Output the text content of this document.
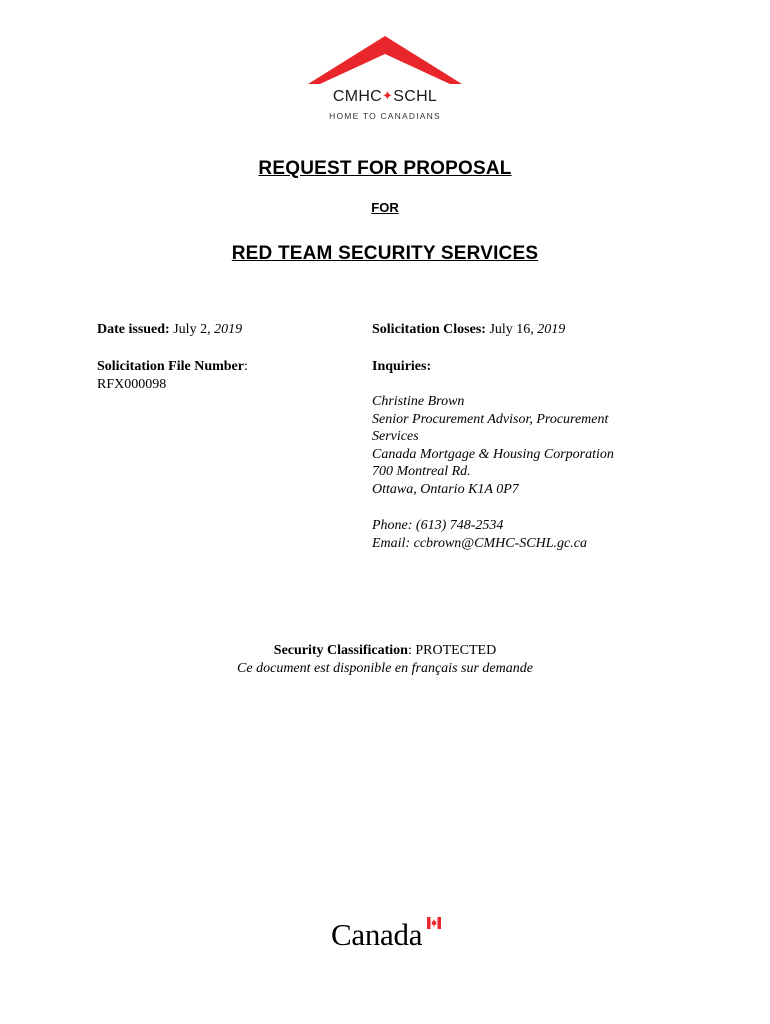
CMHC✦SCHL
HOME TO CANADIANS
REQUEST FOR PROPOSAL
FOR
RED TEAM SECURITY SERVICES
Date issued: July 2, 2019	Solicitation Closes: July 16, 2019
Solicitation File Number:
RFX000098
Inquiries:
Christine Brown
Senior Procurement Advisor, Procurement
Services
Canada Mortgage & Housing Corporation
700 Montreal Rd.
Ottawa, Ontario K1A 0P7
Phone: (613) 748-2534
Email: ccbrown@CMHC-SCHL.gc.ca
Security Classification: PROTECTED
Ce document est disponible en français sur demande
Canada
